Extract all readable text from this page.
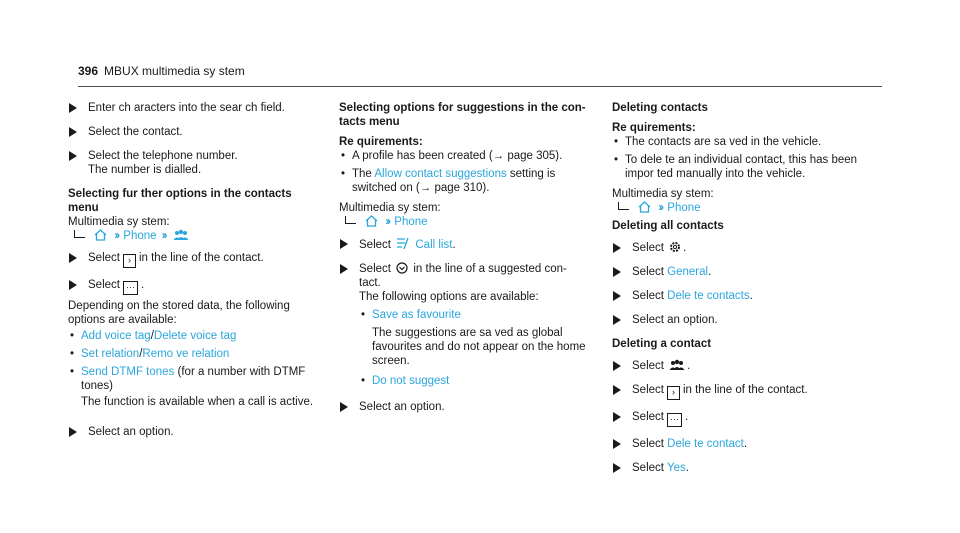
396 MBUX multimedia sy stem
Enter ch aracters into the sear ch field.
Select the contact.
Select the telephone number.
The number is dialled.

Selecting fur ther options in the contacts
menu

Multimedia sy stem:

›› Phone ››
Select › in the line of the contact.
Select ··· .

Depending on the stored data, the following
options are available:

• Add voice tag/Delete voice tag
• Set relation/Remo ve relation
• Send DTMF tones (for a number with DTMF
tones)

The function is available when a call is active.

Select an option.

Selecting options for suggestions in the con‐
tacts menu

Re quirements:

• A profile has been created (→ page 305).
• The Allow contact suggestions setting is
switched on (→ page 310).

Multimedia sy stem:

›› Phone
Select Call list.
Select in the line of a suggested con‐
tact.
The following options are available:
• Save as favourite

The suggestions are sa ved as global
favourites and do not appear on the home
screen.

• Do not suggest
Select an option.

Deleting contacts

Re quirements:

• The contacts are sa ved in the vehicle.
• To dele te an individual contact, this has been
impor ted manually into the vehicle.

Multimedia sy stem:

›› Phone

Deleting all contacts

Select .
Select General.
Select Dele te contacts.
Select an option.

Deleting a contact

Select .
Select › in the line of the contact.
Select ··· .
Select Dele te contact.
Select Yes.
